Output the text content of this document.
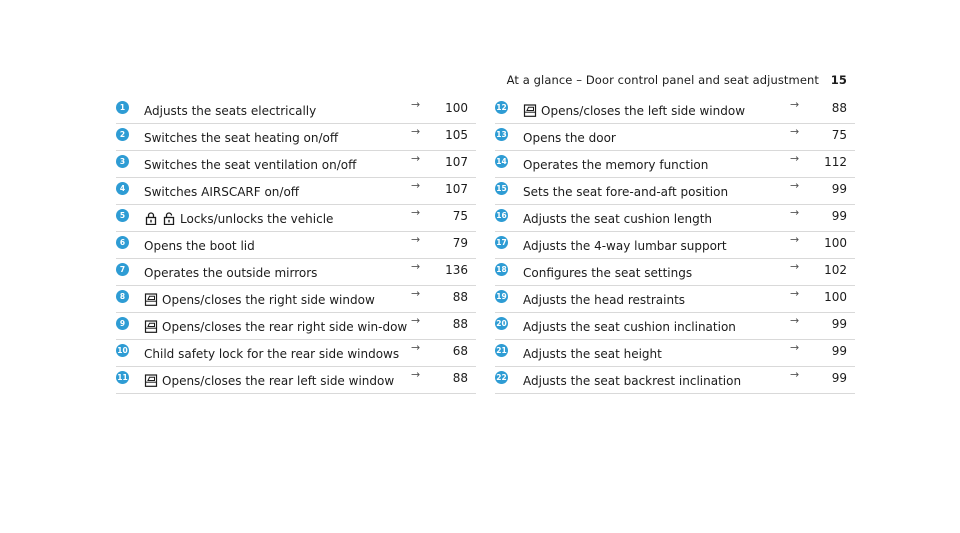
At a glance – Door control panel and seat adjustment 15
1	Adjusts the seats electrically	→ 100
2	Switches the seat heating on/off	→ 105
3	Switches the seat ventilation on/off	→ 107
4	Switches AIRSCARF on/off	→ 107
5	Locks/unlocks the vehicle	→	75
6	Opens the boot lid	→	79
7	Operates the outside mirrors	→ 136
8	Opens/closes the right side window	→	88
9	Opens/closes the rear right side win-dow →	88
10 Child safety lock for the rear side windows →	68
11	Opens/closes the rear left side window →	88
12	Opens/closes the left side window	→	88
13 Opens the door	→	75
14 Operates the memory function	→ 112
15 Sets the seat fore-and-aft position	→	99
16 Adjusts the seat cushion length	→	99
17 Adjusts the 4-way lumbar support	→ 100
18 Configures the seat settings	→ 102
19 Adjusts the head restraints	→ 100
20 Adjusts the seat cushion inclination	→	99
21 Adjusts the seat height	→	99
22 Adjusts the seat backrest inclination	→	99
